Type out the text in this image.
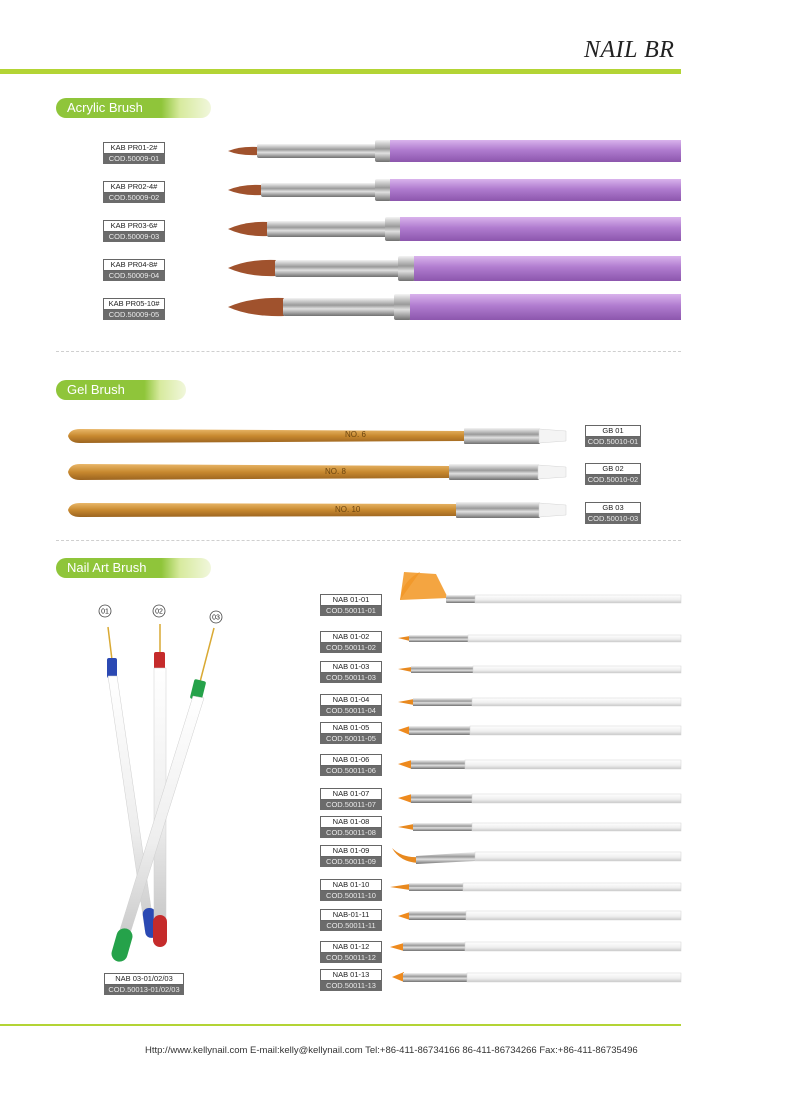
NAIL BR
Acrylic Brush
Gel Brush
Nail Art Brush
KAB PR01-2#
COD.50009-01
KAB PR02-4#
COD.50009-02
KAB PR03-6#
COD.50009-03
KAB PR04-8#
COD.50009-04
KAB PR05-10#
COD.50009-05
GB 01
COD.50010-01
GB 02
COD.50010-02
GB 03
COD.50010-03
NAB 01-01
COD.50011-01
NAB 01-02
COD.50011-02
NAB 01-03
COD.50011-03
NAB 01-04
COD.50011-04
NAB 01-05
COD.50011-05
NAB 01-06
COD.50011-06
NAB 01-07
COD.50011-07
NAB 01-08
COD.50011-08
NAB 01-09
COD.50011-09
NAB 01-10
COD.50011-10
NAB-01-11
COD.50011-11
NAB 01-12
COD.50011-12
NAB 01-13
COD.50011-13
NAB 03-01/02/03
COD.50013-01/02/03
01	02
03
NO. 6
NO. 8
NO. 10
Http://www.kellynail.com E-mail:kelly@kellynail.com Tel:+86-411-86734166 86-411-86734266 Fax:+86-411-86735496
